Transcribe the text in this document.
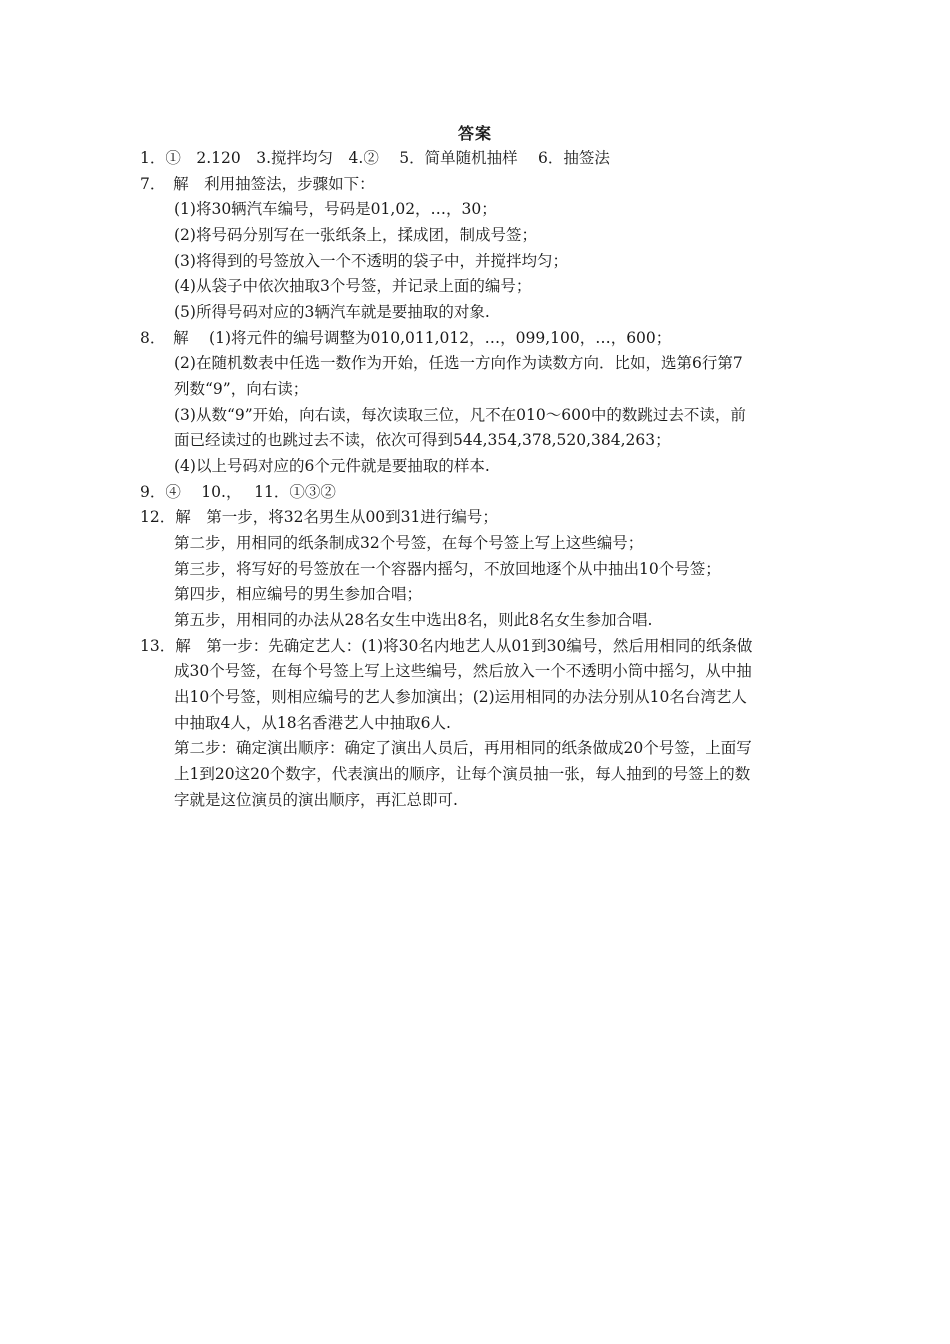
答案
1．①　2.120　3.搅拌均匀　4.②　 5．简单随机抽样　 6．抽签法
7．　解　利用抽签法，步骤如下：
(1)将30辆汽车编号，号码是01,02，…，30；
(2)将号码分别写在一张纸条上，揉成团，制成号签；
(3)将得到的号签放入一个不透明的袋子中，并搅拌均匀；
(4)从袋子中依次抽取3个号签，并记录上面的编号；
(5)所得号码对应的3辆汽车就是要抽取的对象.
8．　解　 (1)将元件的编号调整为010,011,012，…，099,100，…，600；
(2)在随机数表中任选一数作为开始，任选一方向作为读数方向．比如，选第6行第7
列数“9”，向右读；
(3)从数“9”开始，向右读，每次读取三位，凡不在010～600中的数跳过去不读，前
面已经读过的也跳过去不读，依次可得到544,354,378,520,384,263；
(4)以上号码对应的6个元件就是要抽取的样本.
9．④　 10.，　 11．①③②
12．解　第一步，将32名男生从00到31进行编号；
第二步，用相同的纸条制成32个号签，在每个号签上写上这些编号；
第三步，将写好的号签放在一个容器内摇匀，不放回地逐个从中抽出10个号签；
第四步，相应编号的男生参加合唱；
第五步，用相同的办法从28名女生中选出8名，则此8名女生参加合唱.
13．解　第一步：先确定艺人：(1)将30名内地艺人从01到30编号，然后用相同的纸条做
成30个号签，在每个号签上写上这些编号，然后放入一个不透明小筒中摇匀，从中抽
出10个号签，则相应编号的艺人参加演出；(2)运用相同的办法分别从10名台湾艺人
中抽取4人，从18名香港艺人中抽取6人.
第二步：确定演出顺序：确定了演出人员后，再用相同的纸条做成20个号签，上面写
上1到20这20个数字，代表演出的顺序，让每个演员抽一张，每人抽到的号签上的数
字就是这位演员的演出顺序，再汇总即可.
